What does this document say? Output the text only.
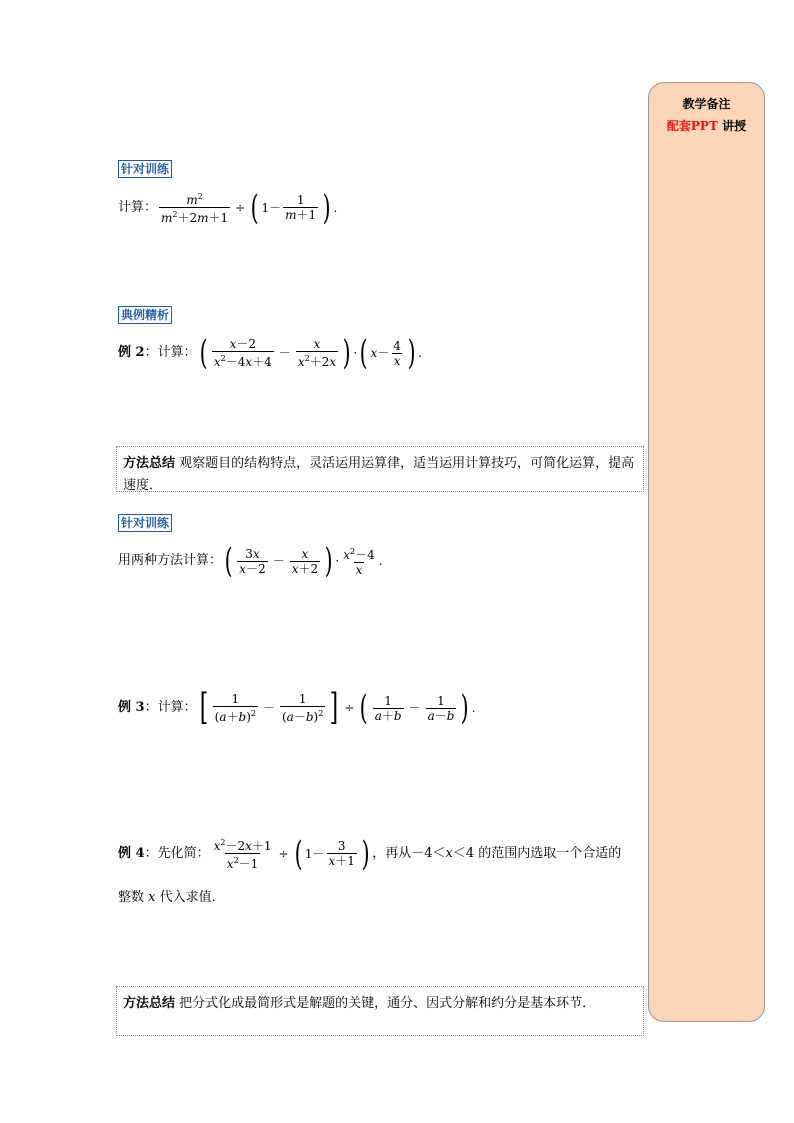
教学备注
配套PPT 讲授
针对训练
计算： $\frac{m^2}{m^2+2m+1}$ ÷ ( $1- \frac{1}{m+1}$ ) .
典例精析
例 2 ：计算： ( $\frac{x-2}{x^2-4x+4} - \frac{x}{x^2+2x}$ ) · ( $x - \frac{4}{x}$ ) .
方法总结 观察题目的结构特点，灵活运用运算律，适当运用计算技巧，可简化运算，提高速度．
针对训练
用两种方法计算： ( $\frac{3x}{x-2} - \frac{x}{x+2}$ ) · $\frac{x^2-4}{x}$ .
例 3 ：计算： [ $\frac{1}{(a+b)^2} - \frac{1}{(a-b)^2}$ ] ÷ ( $\frac{1}{a+b} - \frac{1}{a-b}$ ) .
例 4 ：先化简： $\frac{x^2-2x+1}{x^2-1}$ ÷ ( $1- \frac{3}{x+1}$ ) ，再从－4＜ x ＜4 的范围内选取一个合适的
整数 x 代入求值．
方法总结 把分式化成最简形式是解题的关键，通分、因式分解和约分是基本环节．
